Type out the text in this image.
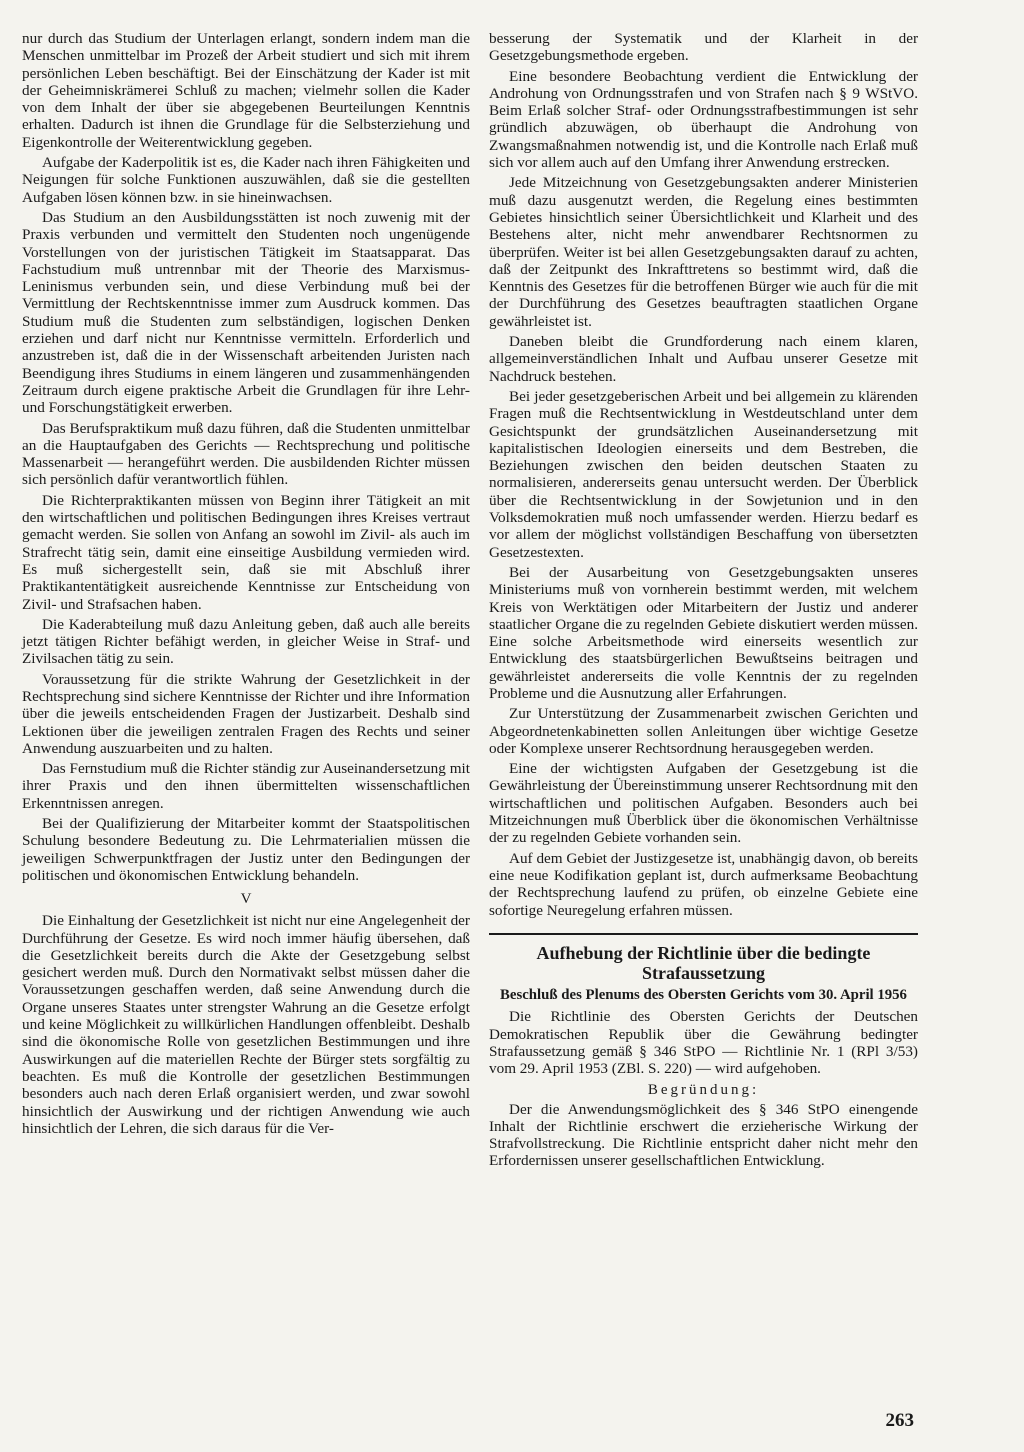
nur durch das Studium der Unterlagen erlangt, sondern indem man die Menschen unmittelbar im Prozeß der Arbeit studiert und sich mit ihrem persönlichen Leben beschäftigt. Bei der Einschätzung der Kader ist mit der Geheimniskrämerei Schluß zu machen; vielmehr sollen die Kader von dem Inhalt der über sie abgegebenen Beurteilungen Kenntnis erhalten. Dadurch ist ihnen die Grundlage für die Selbsterziehung und Eigenkontrolle der Weiterentwicklung gegeben.

Aufgabe der Kaderpolitik ist es, die Kader nach ihren Fähigkeiten und Neigungen für solche Funktionen auszuwählen, daß sie die gestellten Aufgaben lösen können bzw. in sie hineinwachsen.

Das Studium an den Ausbildungsstätten ist noch zuwenig mit der Praxis verbunden und vermittelt den Studenten noch ungenügende Vorstellungen von der juristischen Tätigkeit im Staatsapparat. Das Fachstudium muß untrennbar mit der Theorie des Marxismus-Leninismus verbunden sein, und diese Verbindung muß bei der Vermittlung der Rechtskenntnisse immer zum Ausdruck kommen. Das Studium muß die Studenten zum selbständigen, logischen Denken erziehen und darf nicht nur Kenntnisse vermitteln. Erforderlich und anzustreben ist, daß die in der Wissenschaft arbeitenden Juristen nach Beendigung ihres Studiums in einem längeren und zusammenhängenden Zeitraum durch eigene praktische Arbeit die Grundlagen für ihre Lehr- und Forschungstätigkeit erwerben.

Das Berufspraktikum muß dazu führen, daß die Studenten unmittelbar an die Hauptaufgaben des Gerichts — Rechtsprechung und politische Massenarbeit — herangeführt werden. Die ausbildenden Richter müssen sich persönlich dafür verantwortlich fühlen.

Die Richterpraktikanten müssen von Beginn ihrer Tätigkeit an mit den wirtschaftlichen und politischen Bedingungen ihres Kreises vertraut gemacht werden. Sie sollen von Anfang an sowohl im Zivil- als auch im Strafrecht tätig sein, damit eine einseitige Ausbildung vermieden wird. Es muß sichergestellt sein, daß sie mit Abschluß ihrer Praktikantentätigkeit ausreichende Kenntnisse zur Entscheidung von Zivil- und Strafsachen haben.

Die Kaderabteilung muß dazu Anleitung geben, daß auch alle bereits jetzt tätigen Richter befähigt werden, in gleicher Weise in Straf- und Zivilsachen tätig zu sein.

Voraussetzung für die strikte Wahrung der Gesetzlichkeit in der Rechtsprechung sind sichere Kenntnisse der Richter und ihre Information über die jeweils entscheidenden Fragen der Justizarbeit. Deshalb sind Lektionen über die jeweiligen zentralen Fragen des Rechts und seiner Anwendung auszuarbeiten und zu halten.

Das Fernstudium muß die Richter ständig zur Auseinandersetzung mit ihrer Praxis und den ihnen übermittelten wissenschaftlichen Erkenntnissen anregen.

Bei der Qualifizierung der Mitarbeiter kommt der Staatspolitischen Schulung besondere Bedeutung zu. Die Lehrmaterialien müssen die jeweiligen Schwerpunktfragen der Justiz unter den Bedingungen der politischen und ökonomischen Entwicklung behandeln.

V

Die Einhaltung der Gesetzlichkeit ist nicht nur eine Angelegenheit der Durchführung der Gesetze. Es wird noch immer häufig übersehen, daß die Gesetzlichkeit bereits durch die Akte der Gesetzgebung selbst gesichert werden muß. Durch den Normativakt selbst müssen daher die Voraussetzungen geschaffen werden, daß seine Anwendung durch die Organe unseres Staates unter strengster Wahrung an die Gesetze erfolgt und keine Möglichkeit zu willkürlichen Handlungen offenbleibt. Deshalb sind die ökonomische Rolle von gesetzlichen Bestimmungen und ihre Auswirkungen auf die materiellen Rechte der Bürger stets sorgfältig zu beachten. Es muß die Kontrolle der gesetzlichen Bestimmungen besonders auch nach deren Erlaß organisiert werden, und zwar sowohl hinsichtlich der Auswirkung und der richtigen Anwendung wie auch hinsichtlich der Lehren, die sich daraus für die Ver-

besserung der Systematik und der Klarheit in der Gesetzgebungsmethode ergeben.

Eine besondere Beobachtung verdient die Entwicklung der Androhung von Ordnungsstrafen und von Strafen nach § 9 WStVO. Beim Erlaß solcher Straf- oder Ordnungsstrafbestimmungen ist sehr gründlich abzuwägen, ob überhaupt die Androhung von Zwangsmaßnahmen notwendig ist, und die Kontrolle nach Erlaß muß sich vor allem auch auf den Umfang ihrer Anwendung erstrecken.

Jede Mitzeichnung von Gesetzgebungsakten anderer Ministerien muß dazu ausgenutzt werden, die Regelung eines bestimmten Gebietes hinsichtlich seiner Übersichtlichkeit und Klarheit und des Bestehens alter, nicht mehr anwendbarer Rechtsnormen zu überprüfen. Weiter ist bei allen Gesetzgebungsakten darauf zu achten, daß der Zeitpunkt des Inkrafttretens so bestimmt wird, daß die Kenntnis des Gesetzes für die betroffenen Bürger wie auch für die mit der Durchführung des Gesetzes beauftragten staatlichen Organe gewährleistet ist.

Daneben bleibt die Grundforderung nach einem klaren, allgemeinverständlichen Inhalt und Aufbau unserer Gesetze mit Nachdruck bestehen.

Bei jeder gesetzgeberischen Arbeit und bei allgemein zu klärenden Fragen muß die Rechtsentwicklung in Westdeutschland unter dem Gesichtspunkt der grundsätzlichen Auseinandersetzung mit kapitalistischen Ideologien einerseits und dem Bestreben, die Beziehungen zwischen den beiden deutschen Staaten zu normalisieren, andererseits genau untersucht werden. Der Überblick über die Rechtsentwicklung in der Sowjetunion und in den Volksdemokratien muß noch umfassender werden. Hierzu bedarf es vor allem der möglichst vollständigen Beschaffung von übersetzten Gesetzestexten.

Bei der Ausarbeitung von Gesetzgebungsakten unseres Ministeriums muß von vornherein bestimmt werden, mit welchem Kreis von Werktätigen oder Mitarbeitern der Justiz und anderer staatlicher Organe die zu regelnden Gebiete diskutiert werden müssen. Eine solche Arbeitsmethode wird einerseits wesentlich zur Entwicklung des staatsbürgerlichen Bewußtseins beitragen und gewährleistet andererseits die volle Kenntnis der zu regelnden Probleme und die Ausnutzung aller Erfahrungen.

Zur Unterstützung der Zusammenarbeit zwischen Gerichten und Abgeordnetenkabinetten sollen Anleitungen über wichtige Gesetze oder Komplexe unserer Rechtsordnung herausgegeben werden.

Eine der wichtigsten Aufgaben der Gesetzgebung ist die Gewährleistung der Übereinstimmung unserer Rechtsordnung mit den wirtschaftlichen und politischen Aufgaben. Besonders auch bei Mitzeichnungen muß Überblick über die ökonomischen Verhältnisse der zu regelnden Gebiete vorhanden sein.

Auf dem Gebiet der Justizgesetze ist, unabhängig davon, ob bereits eine neue Kodifikation geplant ist, durch aufmerksame Beobachtung der Rechtsprechung laufend zu prüfen, ob einzelne Gebiete eine sofortige Neuregelung erfahren müssen.

Aufhebung der Richtlinie über die bedingte Strafaussetzung
Beschluß des Plenums des Obersten Gerichts vom 30. April 1956

Die Richtlinie des Obersten Gerichts der Deutschen Demokratischen Republik über die Gewährung bedingter Strafaussetzung gemäß § 346 StPO — Richtlinie Nr. 1 (RPl 3/53) vom 29. April 1953 (ZBl. S. 220) — wird aufgehoben.

Begründung:

Der die Anwendungsmöglichkeit des § 346 StPO einengende Inhalt der Richtlinie erschwert die erzieherische Wirkung der Strafvollstreckung. Die Richtlinie entspricht daher nicht mehr den Erfordernissen unserer gesellschaftlichen Entwicklung.

263
